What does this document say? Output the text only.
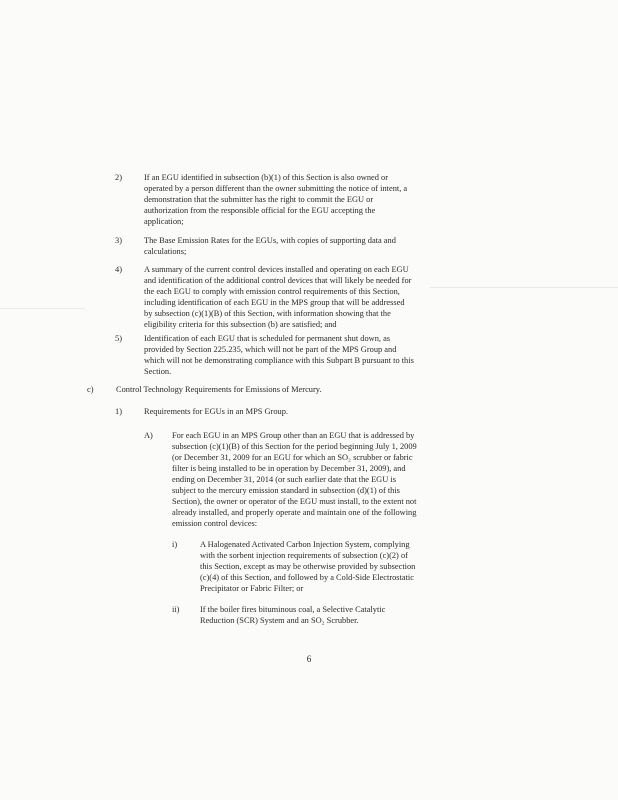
2)	If an EGU identified in subsection (b)(1) of this Section is also owned or operated by a person different than the owner submitting the notice of intent, a demonstration that the submitter has the right to commit the EGU or authorization from the responsible official for the EGU accepting the application;
3)	The Base Emission Rates for the EGUs, with copies of supporting data and calculations;
4)	A summary of the current control devices installed and operating on each EGU and identification of the additional control devices that will likely be needed for the each EGU to comply with emission control requirements of this Section, including identification of each EGU in the MPS group that will be addressed by subsection (c)(1)(B) of this Section, with information showing that the eligibility criteria for this subsection (b) are satisfied; and
5)	Identification of each EGU that is scheduled for permanent shut down, as provided by Section 225.235, which will not be part of the MPS Group and which will not be demonstrating compliance with this Subpart B pursuant to this Section.
c)	Control Technology Requirements for Emissions of Mercury.
1)	Requirements for EGUs in an MPS Group.
A) For each EGU in an MPS Group other than an EGU that is addressed by subsection (c)(1)(B) of this Section for the period beginning July 1, 2009 (or December 31, 2009 for an EGU for which an SO₂ scrubber or fabric filter is being installed to be in operation by December 31, 2009), and ending on December 31, 2014 (or such earlier date that the EGU is subject to the mercury emission standard in subsection (d)(1) of this Section), the owner or operator of the EGU must install, to the extent not already installed, and properly operate and maintain one of the following emission control devices:
i)	A Halogenated Activated Carbon Injection System, complying with the sorbent injection requirements of subsection (c)(2) of this Section, except as may be otherwise provided by subsection (c)(4) of this Section, and followed by a Cold-Side Electrostatic Precipitator or Fabric Filter; or
ii) If the boiler fires bituminous coal, a Selective Catalytic Reduction (SCR) System and an SO₂ Scrubber.
6
